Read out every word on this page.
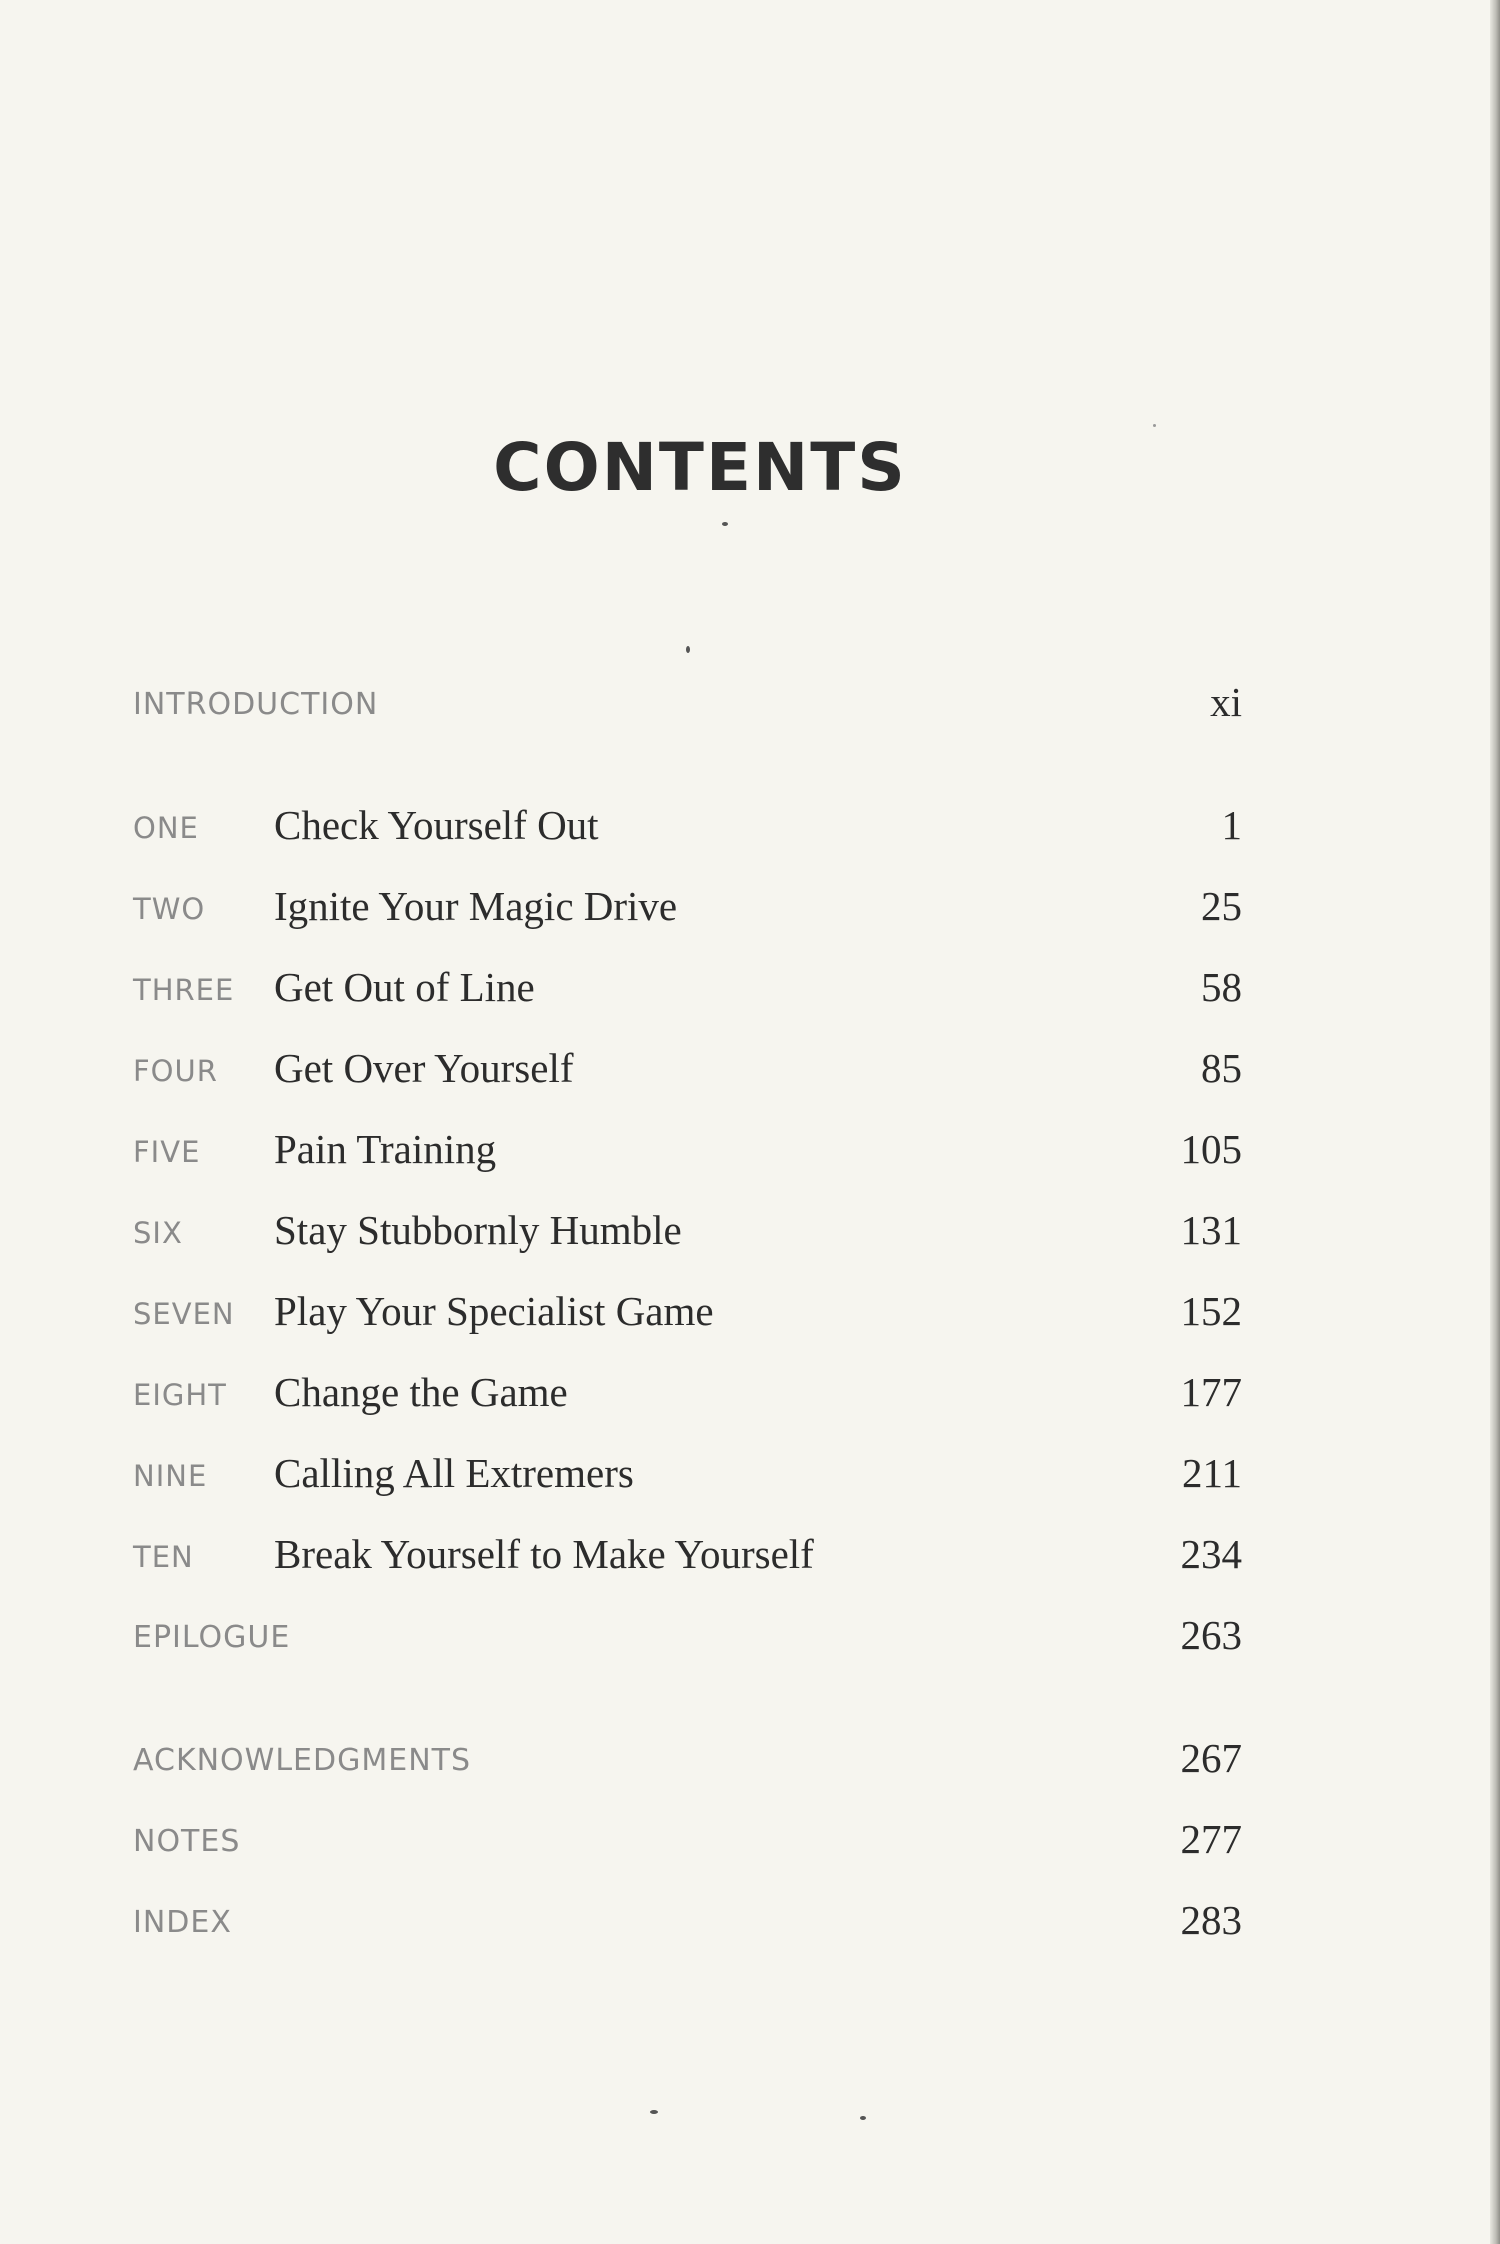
CONTENTS
INTRODUCTION	xi
ONE Check Yourself Out	1
TWO Ignite Your Magic Drive	25
THREE Get Out of Line	58
FOUR Get Over Yourself	85
FIVE Pain Training	105
SIX Stay Stubbornly Humble	131
SEVEN Play Your Specialist Game	152
EIGHT Change the Game	177
NINE Calling All Extremers	211
TEN Break Yourself to Make Yourself	234
EPILOGUE	263
ACKNOWLEDGMENTS	267
NOTES	277
INDEX	283
